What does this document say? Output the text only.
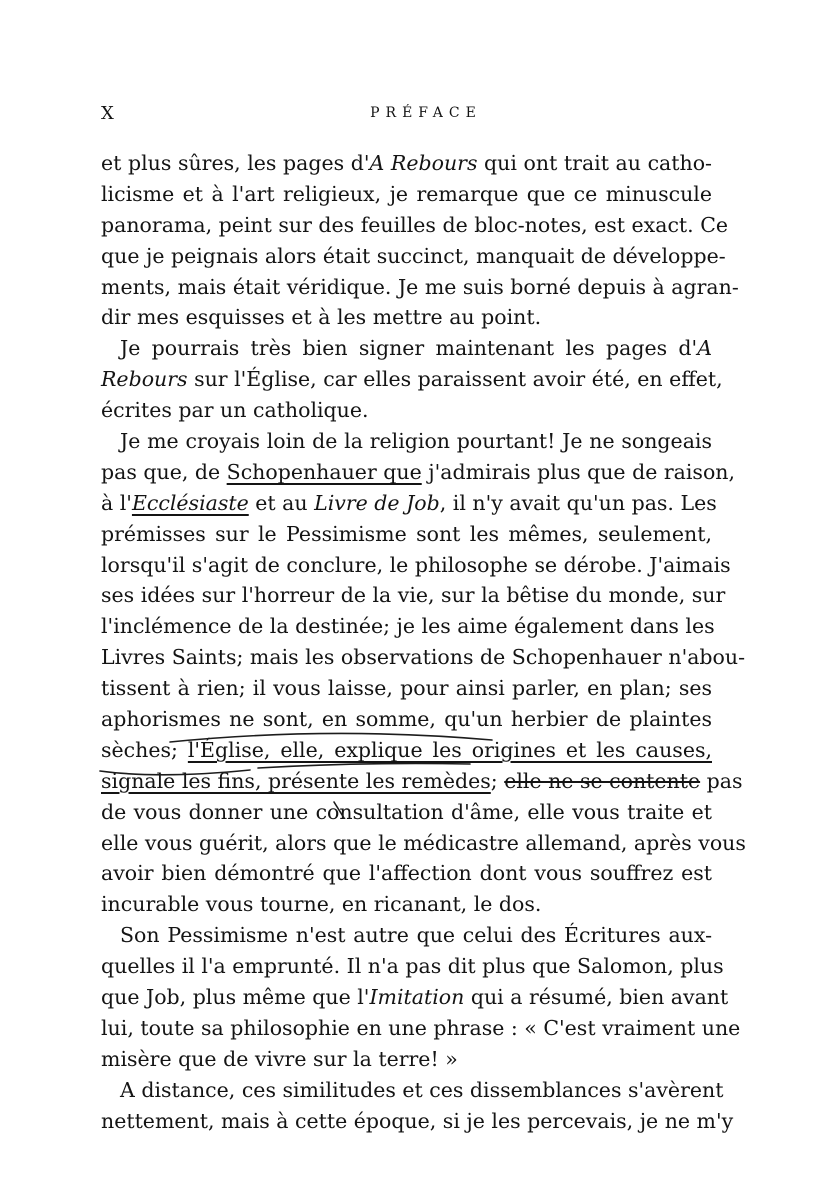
X	PRÉFACE
et plus sûres, les pages d'A Rebours qui ont trait au catho-
licisme et à l'art religieux, je remarque que ce minuscule
panorama, peint sur des feuilles de bloc-notes, est exact. Ce
que je peignais alors était succinct, manquait de développe-
ments, mais était véridique. Je me suis borné depuis à agran-
dir mes esquisses et à les mettre au point.
Je pourrais très bien signer maintenant les pages d'A
Rebours sur l'Église, car elles paraissent avoir été, en effet,
écrites par un catholique.
Je me croyais loin de la religion pourtant! Je ne songeais
pas que, de Schopenhauer que j'admirais plus que de raison,
à l'Ecclésiaste et au Livre de Job, il n'y avait qu'un pas. Les
prémisses sur le Pessimisme sont les mêmes, seulement,
lorsqu'il s'agit de conclure, le philosophe se dérobe. J'aimais
ses idées sur l'horreur de la vie, sur la bêtise du monde, sur
l'inclémence de la destinée; je les aime également dans les
Livres Saints; mais les observations de Schopenhauer n'abou-
tissent à rien; il vous laisse, pour ainsi parler, en plan; ses
aphorismes ne sont, en somme, qu'un herbier de plaintes
sèches; l'Église, elle, explique les origines et les causes,
signale les fins, présente les remèdes; elle ne se contente pas
de vous donner une consultation d'âme, elle vous traite et
elle vous guérit, alors que le médicastre allemand, après vous
avoir bien démontré que l'affection dont vous souffrez est
incurable vous tourne, en ricanant, le dos.
Son Pessimisme n'est autre que celui des Écritures aux-
quelles il l'a emprunté. Il n'a pas dit plus que Salomon, plus
que Job, plus même que l'Imitation qui a résumé, bien avant
lui, toute sa philosophie en une phrase : « C'est vraiment une
misère que de vivre sur la terre! »
A distance, ces similitudes et ces dissemblances s'avèrent
nettement, mais à cette époque, si je les percevais, je ne m'y
